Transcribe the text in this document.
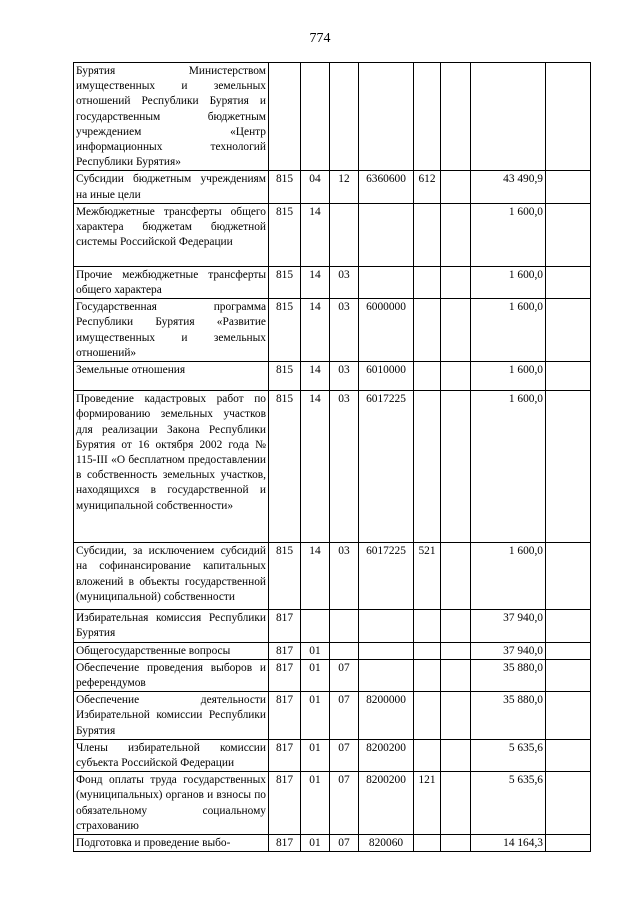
774
Бурятия Министерством имущественных и земельных отношений Республики Бурятия и государственным бюджетным учреждением «Центр информационных технологий Республики Бурятия»								
Субсидии бюджетным учреждениям на иные цели	815	04	12	6360600	612		43 490,9	
Межбюджетные трансферты общего характера бюджетам бюджетной системы Российской Федерации	815	14					1 600,0	
Прочие межбюджетные трансферты общего характера	815	14	03				1 600,0	
Государственная программа Республики Бурятия «Развитие имущественных и земельных отношений»	815	14	03	6000000			1 600,0	
Земельные отношения	815	14	03	6010000			1 600,0	
Проведение кадастровых работ по формированию земельных участков для реализации Закона Республики Бурятия от 16 октября 2002 года № 115-III «О бесплатном предоставлении в собственность земельных участков, находящихся в государственной и муниципальной собственности»	815	14	03	6017225			1 600,0	
Субсидии, за исключением субсидий на софинансирование капитальных вложений в объекты государственной (муниципальной) собственности	815	14	03	6017225	521		1 600,0	
Избирательная комиссия Республики Бурятия	817						37 940,0	
Общегосударственные вопросы	817	01					37 940,0	
Обеспечение проведения выборов и референдумов	817	01	07				35 880,0	
Обеспечение деятельности Избирательной комиссии Республики Бурятия	817	01	07	8200000			35 880,0	
Члены избирательной комиссии субъекта Российской Федерации	817	01	07	8200200			5 635,6	
Фонд оплаты труда государственных (муниципальных) органов и взносы по обязательному социальному страхованию	817	01	07	8200200	121		5 635,6	
Подготовка и проведение выбо-	817	01	07	820060			14 164,3	
